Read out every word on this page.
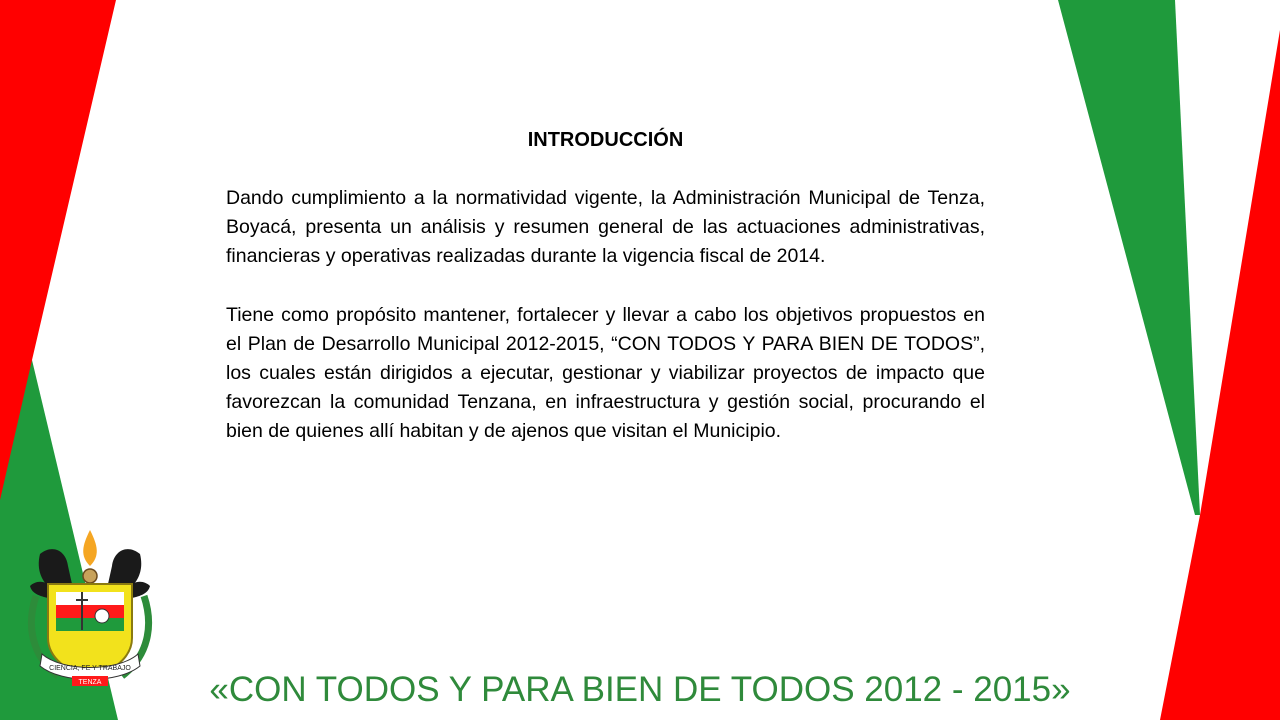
INTRODUCCIÓN

Dando cumplimiento a la normatividad vigente, la Administración Municipal de Tenza, Boyacá, presenta un análisis y resumen general de las actuaciones administrativas, financieras y operativas realizadas durante la vigencia fiscal de 2014.

Tiene como propósito mantener, fortalecer y llevar a cabo los objetivos propuestos en el Plan de Desarrollo Municipal 2012-2015, “CON TODOS Y PARA BIEN DE TODOS”, los cuales están dirigidos a ejecutar, gestionar y viabilizar proyectos de impacto que favorezcan la comunidad Tenzana, en infraestructura y gestión social, procurando el bien de quienes allí habitan y de ajenos que visitan el Municipio.

CIENCIA, FE Y TRABAJO
TENZA	«CON TODOS Y PARA BIEN DE TODOS 2012 - 2015»
